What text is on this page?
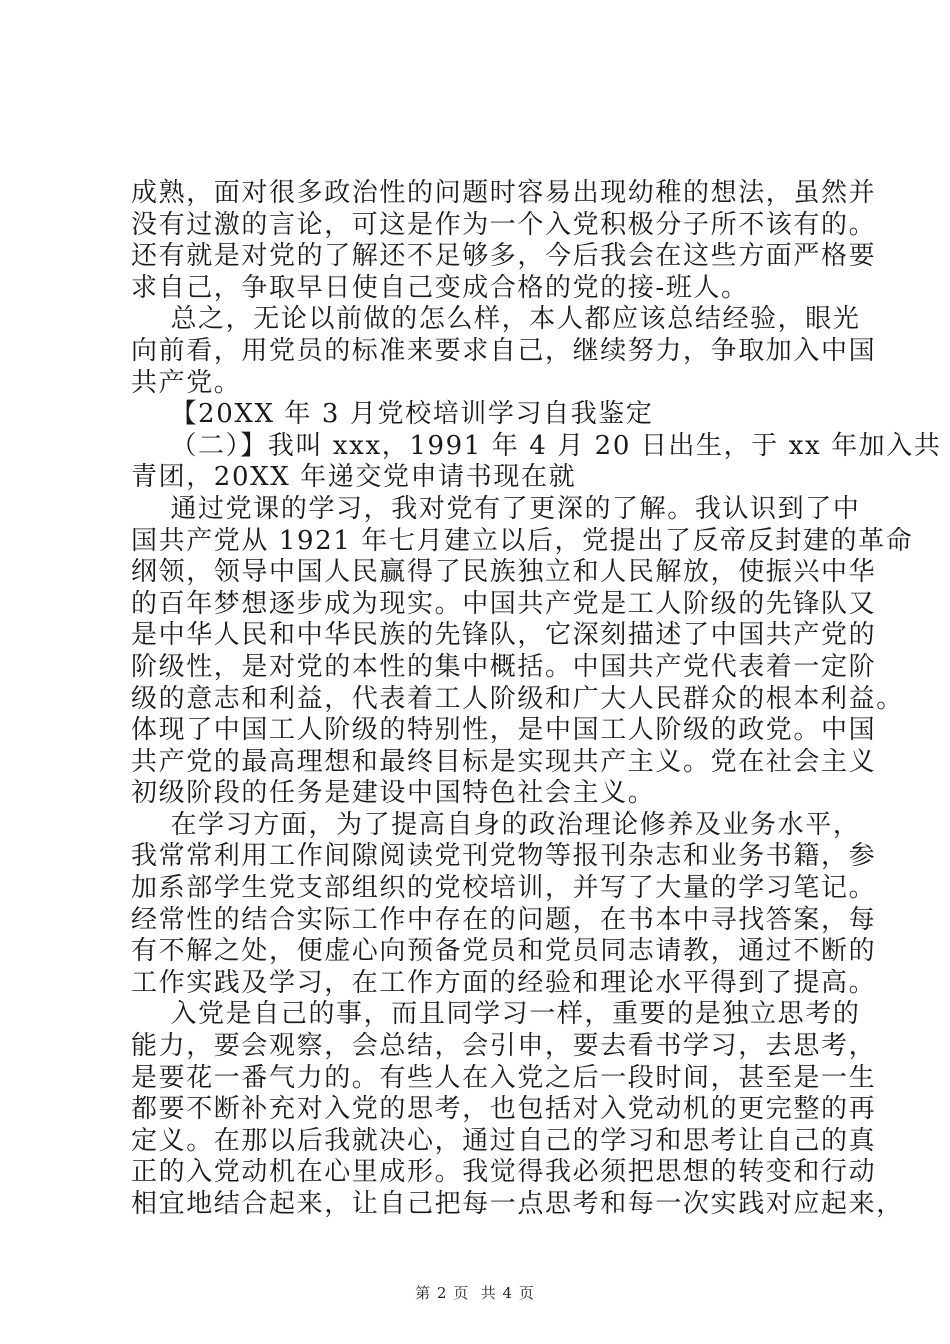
成熟，面对很多政治性的问题时容易出现幼稚的想法，虽然并
没有过激的言论，可这是作为一个入党积极分子所不该有的。
还有就是对党的了解还不足够多，今后我会在这些方面严格要
求自己，争取早日使自己变成合格的党的接-班人。
总之，无论以前做的怎么样，本人都应该总结经验，眼光
向前看，用党员的标准来要求自己，继续努力，争取加入中国
共产党。
【20XX 年 3 月党校培训学习自我鉴定
（二）】我叫 xxx，1991 年 4 月 20 日出生，于 xx 年加入共
青团，20XX 年递交党申请书现在就
通过党课的学习，我对党有了更深的了解。我认识到了中
国共产党从 1921 年七月建立以后，党提出了反帝反封建的革命
纲领，领导中国人民赢得了民族独立和人民解放，使振兴中华
的百年梦想逐步成为现实。中国共产党是工人阶级的先锋队又
是中华人民和中华民族的先锋队，它深刻描述了中国共产党的
阶级性，是对党的本性的集中概括。中国共产党代表着一定阶
级的意志和利益，代表着工人阶级和广大人民群众的根本利益。
体现了中国工人阶级的特别性，是中国工人阶级的政党。中国
共产党的最高理想和最终目标是实现共产主义。党在社会主义
初级阶段的任务是建设中国特色社会主义。
在学习方面，为了提高自身的政治理论修养及业务水平，
我常常利用工作间隙阅读党刊党物等报刊杂志和业务书籍，参
加系部学生党支部组织的党校培训，并写了大量的学习笔记。
经常性的结合实际工作中存在的问题，在书本中寻找答案，每
有不解之处，便虚心向预备党员和党员同志请教，通过不断的
工作实践及学习，在工作方面的经验和理论水平得到了提高。
入党是自己的事，而且同学习一样，重要的是独立思考的
能力，要会观察，会总结，会引申，要去看书学习，去思考，
是要花一番气力的。有些人在入党之后一段时间，甚至是一生
都要不断补充对入党的思考，也包括对入党动机的更完整的再
定义。在那以后我就决心，通过自己的学习和思考让自己的真
正的入党动机在心里成形。我觉得我必须把思想的转变和行动
相宜地结合起来，让自己把每一点思考和每一次实践对应起来，
第 2 页  共 4 页
